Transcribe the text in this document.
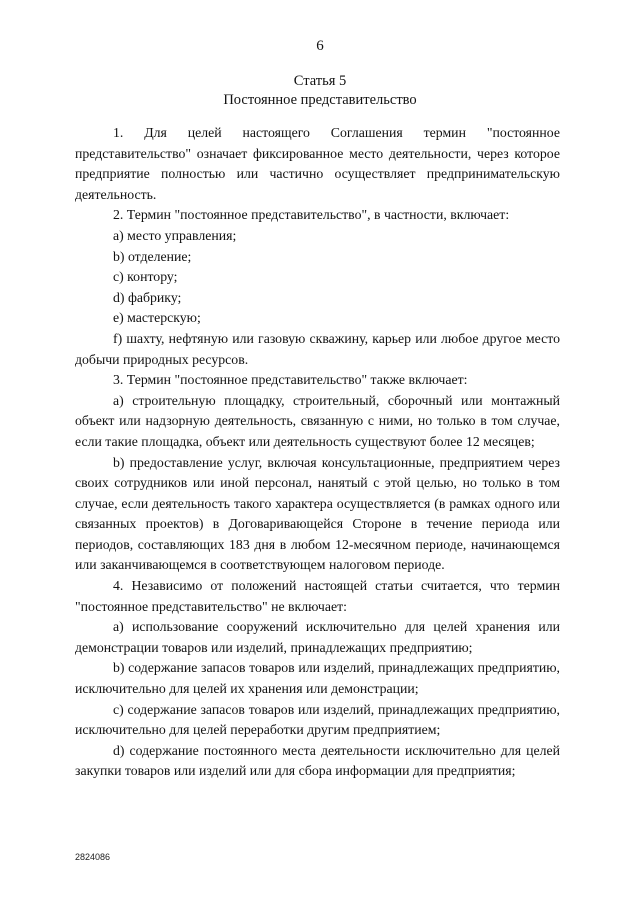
6
Статья 5
Постоянное представительство

1. Для целей настоящего Соглашения термин "постоянное представительство" означает фиксированное место деятельности, через которое предприятие полностью или частично осуществляет предпринимательскую деятельность.

2. Термин "постоянное представительство", в частности, включает:

a) место управления;

b) отделение;

c) контору;

d) фабрику;

e) мастерскую;

f) шахту, нефтяную или газовую скважину, карьер или любое другое место добычи природных ресурсов.

3. Термин "постоянное представительство" также включает:

a) строительную площадку, строительный, сборочный или монтажный объект или надзорную деятельность, связанную с ними, но только в том случае, если такие площадка, объект или деятельность существуют более 12 месяцев;

b) предоставление услуг, включая консультационные, предприятием через своих сотрудников или иной персонал, нанятый с этой целью, но только в том случае, если деятельность такого характера осуществляется (в рамках одного или связанных проектов) в Договаривающейся Стороне в течение периода или периодов, составляющих 183 дня в любом 12-месячном периоде, начинающемся или заканчивающемся в соответствующем налоговом периоде.

4. Независимо от положений настоящей статьи считается, что термин "постоянное представительство" не включает:

a) использование сооружений исключительно для целей хранения или демонстрации товаров или изделий, принадлежащих предприятию;

b) содержание запасов товаров или изделий, принадлежащих предприятию, исключительно для целей их хранения или демонстрации;

c) содержание запасов товаров или изделий, принадлежащих предприятию, исключительно для целей переработки другим предприятием;

d) содержание постоянного места деятельности исключительно для целей закупки товаров или изделий или для сбора информации для предприятия;

2824086
